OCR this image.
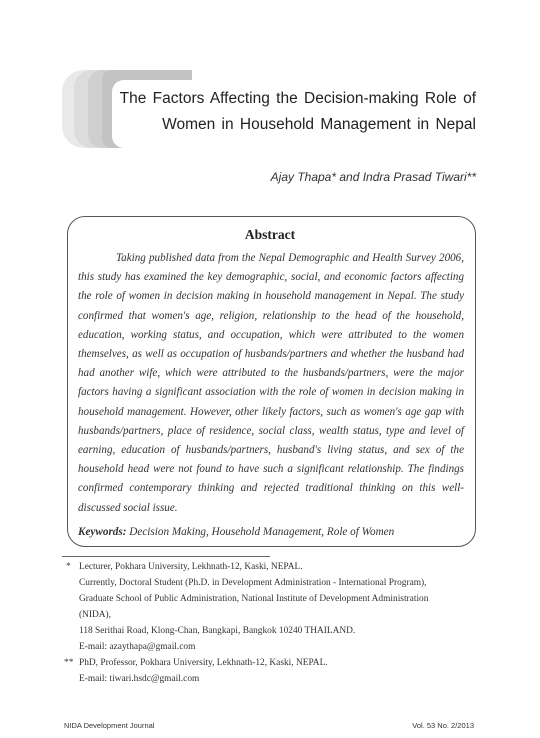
The Factors Affecting the Decision-making Role of
Women in Household Management in Nepal
Ajay Thapa* and Indra Prasad Tiwari**
Abstract

Taking published data from the Nepal Demographic and Health Survey 2006, this study has examined the key demographic, social, and economic factors affecting the role of women in decision making in household management in Nepal. The study confirmed that women's age, religion, relationship to the head of the household, education, working status, and occupation, which were attributed to the women themselves, as well as occupation of husbands/partners and whether the husband had had another wife, which were attributed to the husbands/partners, were the major factors having a significant association with the role of women in decision making in household management. However, other likely factors, such as women's age gap with husbands/partners, place of residence, social class, wealth status, type and level of earning, education of husbands/partners, husband's living status, and sex of the household head were not found to have such a significant relationship. The findings confirmed contemporary thinking and rejected traditional thinking on this well-discussed social issue.

Keywords: Decision Making, Household Management, Role of Women
* Lecturer, Pokhara University, Lekhnath-12, Kaski, NEPAL.
Currently, Doctoral Student (Ph.D. in Development Administration - International Program),
Graduate School of Public Administration, National Institute of Development Administration
(NIDA),
118 Serithai Road, Klong-Chan, Bangkapi, Bangkok 10240 THAILAND.
E-mail: azaythapa@gmail.com
** PhD, Professor, Pokhara University, Lekhnath-12, Kaski, NEPAL.
E-mail: tiwari.hsdc@gmail.com
NIDA Development Journal	Vol. 53 No. 2/2013
